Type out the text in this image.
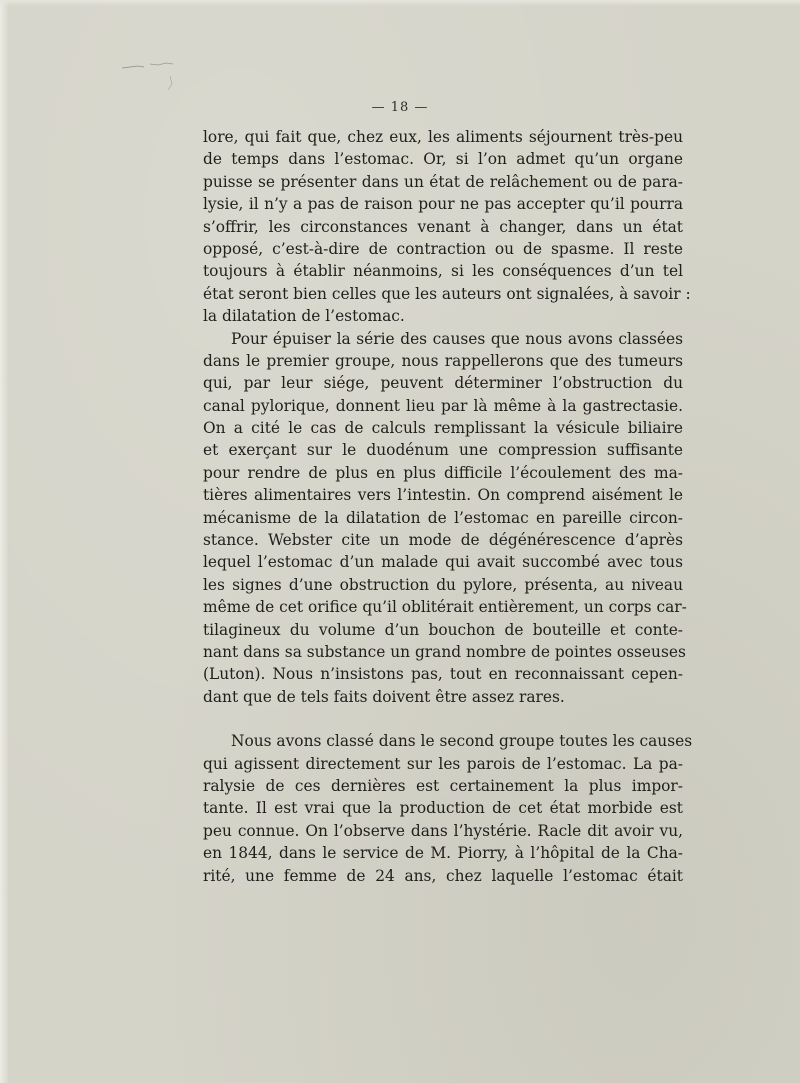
— 18 —
lore, qui fait que, chez eux, les aliments séjournent très-peu
de temps dans l’estomac. Or, si l’on admet qu’un organe
puisse se présenter dans un état de relâchement ou de para-
lysie, il n’y a pas de raison pour ne pas accepter qu’il pourra
s’offrir, les circonstances venant à changer, dans un état
opposé, c’est-à-dire de contraction ou de spasme. Il reste
toujours à établir néanmoins, si les conséquences d’un tel
état seront bien celles que les auteurs ont signalées, à savoir :
la dilatation de l’estomac.
Pour épuiser la série des causes que nous avons classées
dans le premier groupe, nous rappellerons que des tumeurs
qui, par leur siége, peuvent déterminer l’obstruction du
canal pylorique, donnent lieu par là même à la gastrectasie.
On a cité le cas de calculs remplissant la vésicule biliaire
et exerçant sur le duodénum une compression suffisante
pour rendre de plus en plus difficile l’écoulement des ma-
tières alimentaires vers l’intestin. On comprend aisément le
mécanisme de la dilatation de l’estomac en pareille circon-
stance. Webster cite un mode de dégénérescence d’après
lequel l’estomac d’un malade qui avait succombé avec tous
les signes d’une obstruction du pylore, présenta, au niveau
même de cet orifice qu’il oblitérait entièrement, un corps car-
tilagineux du volume d’un bouchon de bouteille et conte-
nant dans sa substance un grand nombre de pointes osseuses
(Luton). Nous n’insistons pas, tout en reconnaissant cepen-
dant que de tels faits doivent être assez rares.
Nous avons classé dans le second groupe toutes les causes
qui agissent directement sur les parois de l’estomac. La pa-
ralysie de ces dernières est certainement la plus impor-
tante. Il est vrai que la production de cet état morbide est
peu connue. On l’observe dans l’hystérie. Racle dit avoir vu,
en 1844, dans le service de M. Piorry, à l’hôpital de la Cha-
rité, une femme de 24 ans, chez laquelle l’estomac était
